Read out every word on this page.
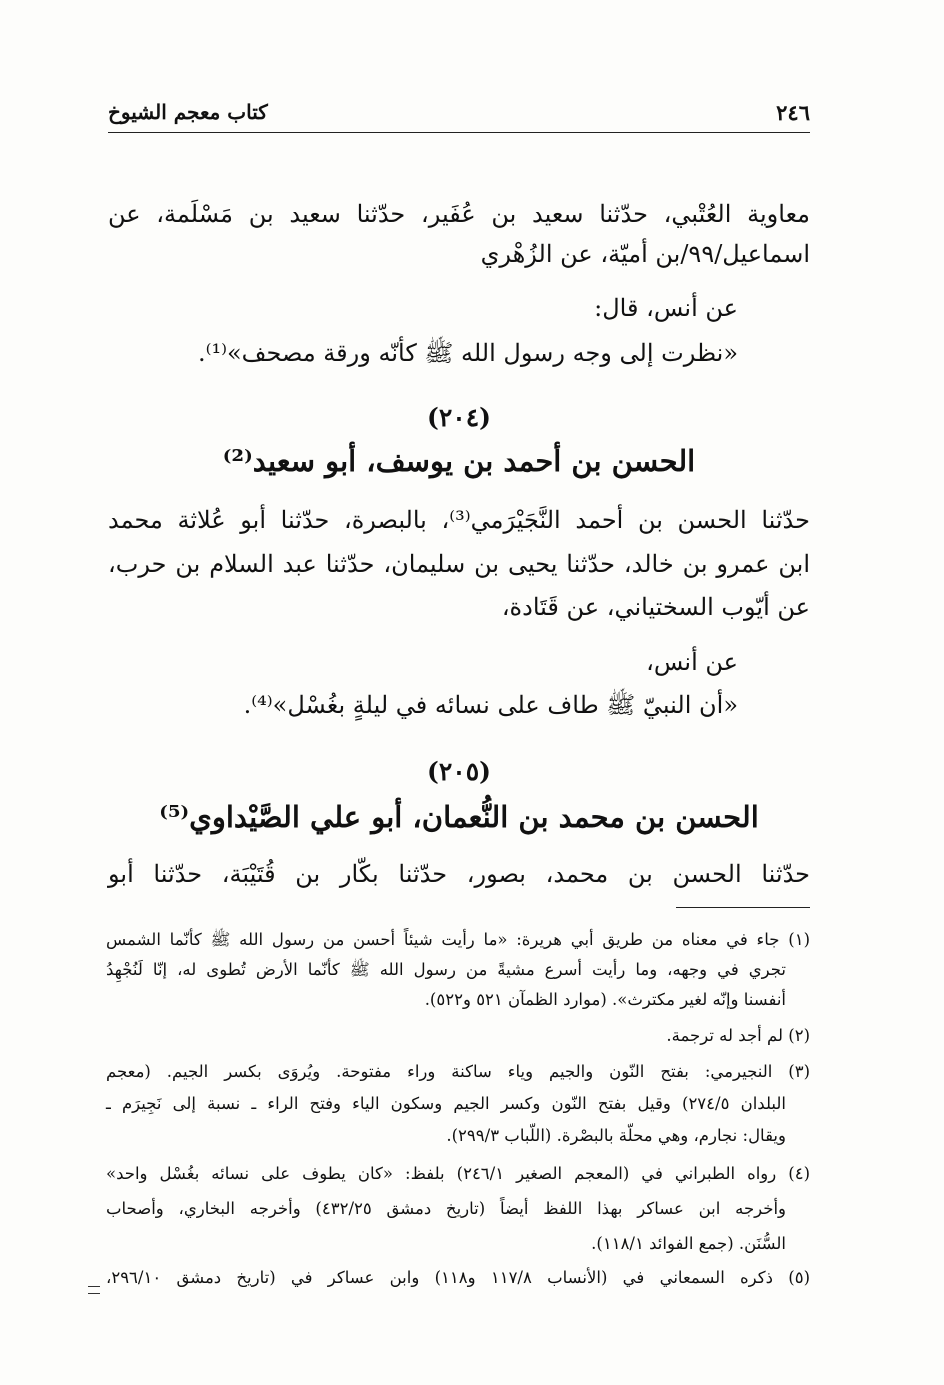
٢٤٦
كتاب معجم الشيوخ
معاوية العُتْبي، حدّثنا سعيد بن عُفَير، حدّثنا سعيد بن مَسْلَمة، عن
اسماعيل/٩٩/بن أميّة، عن الزُهْري
عن أنس، قال:
«نظرت إلى وجه رسول الله ﷺ كأنّه ورقة مصحف»⁽¹⁾.
(٢٠٤)
الحسن بن أحمد بن يوسف، أبو سعيد⁽²⁾
حدّثنا الحسن بن أحمد النَّجَيْرَمي⁽³⁾، بالبصرة، حدّثنا أبو عُلاثة محمد
ابن عمرو بن خالد، حدّثنا يحيى بن سليمان، حدّثنا عبد السلام بن حرب،
عن أيّوب السختياني، عن قَتَادة،
عن أنس،
«أن النبيّ ﷺ طاف على نسائه في ليلةٍ بغُسْل»⁽⁴⁾.
(٢٠٥)
الحسن بن محمد بن النُّعمان، أبو علي الصَّيْداوي⁽⁵⁾
حدّثنا الحسن بن محمد، بصور، حدّثنا بكّار بن قُتَيْبَة، حدّثنا أبو
(١) جاء في معناه من طريق أبي هريرة: «ما رأيت شيئاً أحسن من رسول الله ﷺ كأنّما الشمس
تجري في وجهه، وما رأيت أسرع مشيةً من رسول الله ﷺ كأنّما الأرض تُطوى له، إنّا لَنُجْهِدُ
أنفسنا وإنّه لغير مكترث». (موارد الظمآن ٥٢١ و٥٢٢).
(٢) لم أجد له ترجمة.
(٣) النجيرمي: بفتح النّون والجيم وياء ساكنة وراء مفتوحة. ويُروَى بكسر الجيم. (معجم
البلدان ٢٧٤/٥) وقيل بفتح النّون وكسر الجيم وسكون الياء وفتح الراء ـ نسبة إلى نَجِيرَم ـ
ويقال: نجارم، وهي محلّة بالبصْرة. (اللّباب ٢٩٩/٣).
(٤) رواه الطبراني في (المعجم الصغير ٢٤٦/١) بلفظ: «كان يطوف على نسائه بغُسْل واحد»
وأخرجه ابن عساكر بهذا اللفظ أيضاً (تاريخ دمشق ٤٣٢/٢٥) وأخرجه البخاري، وأصحاب
السُّنَن. (جمع الفوائد ١١٨/١).
(٥) ذكره السمعاني في (الأنساب ١١٧/٨ و١١٨) وابن عساكر في (تاريخ دمشق ٢٩٦/١٠،
